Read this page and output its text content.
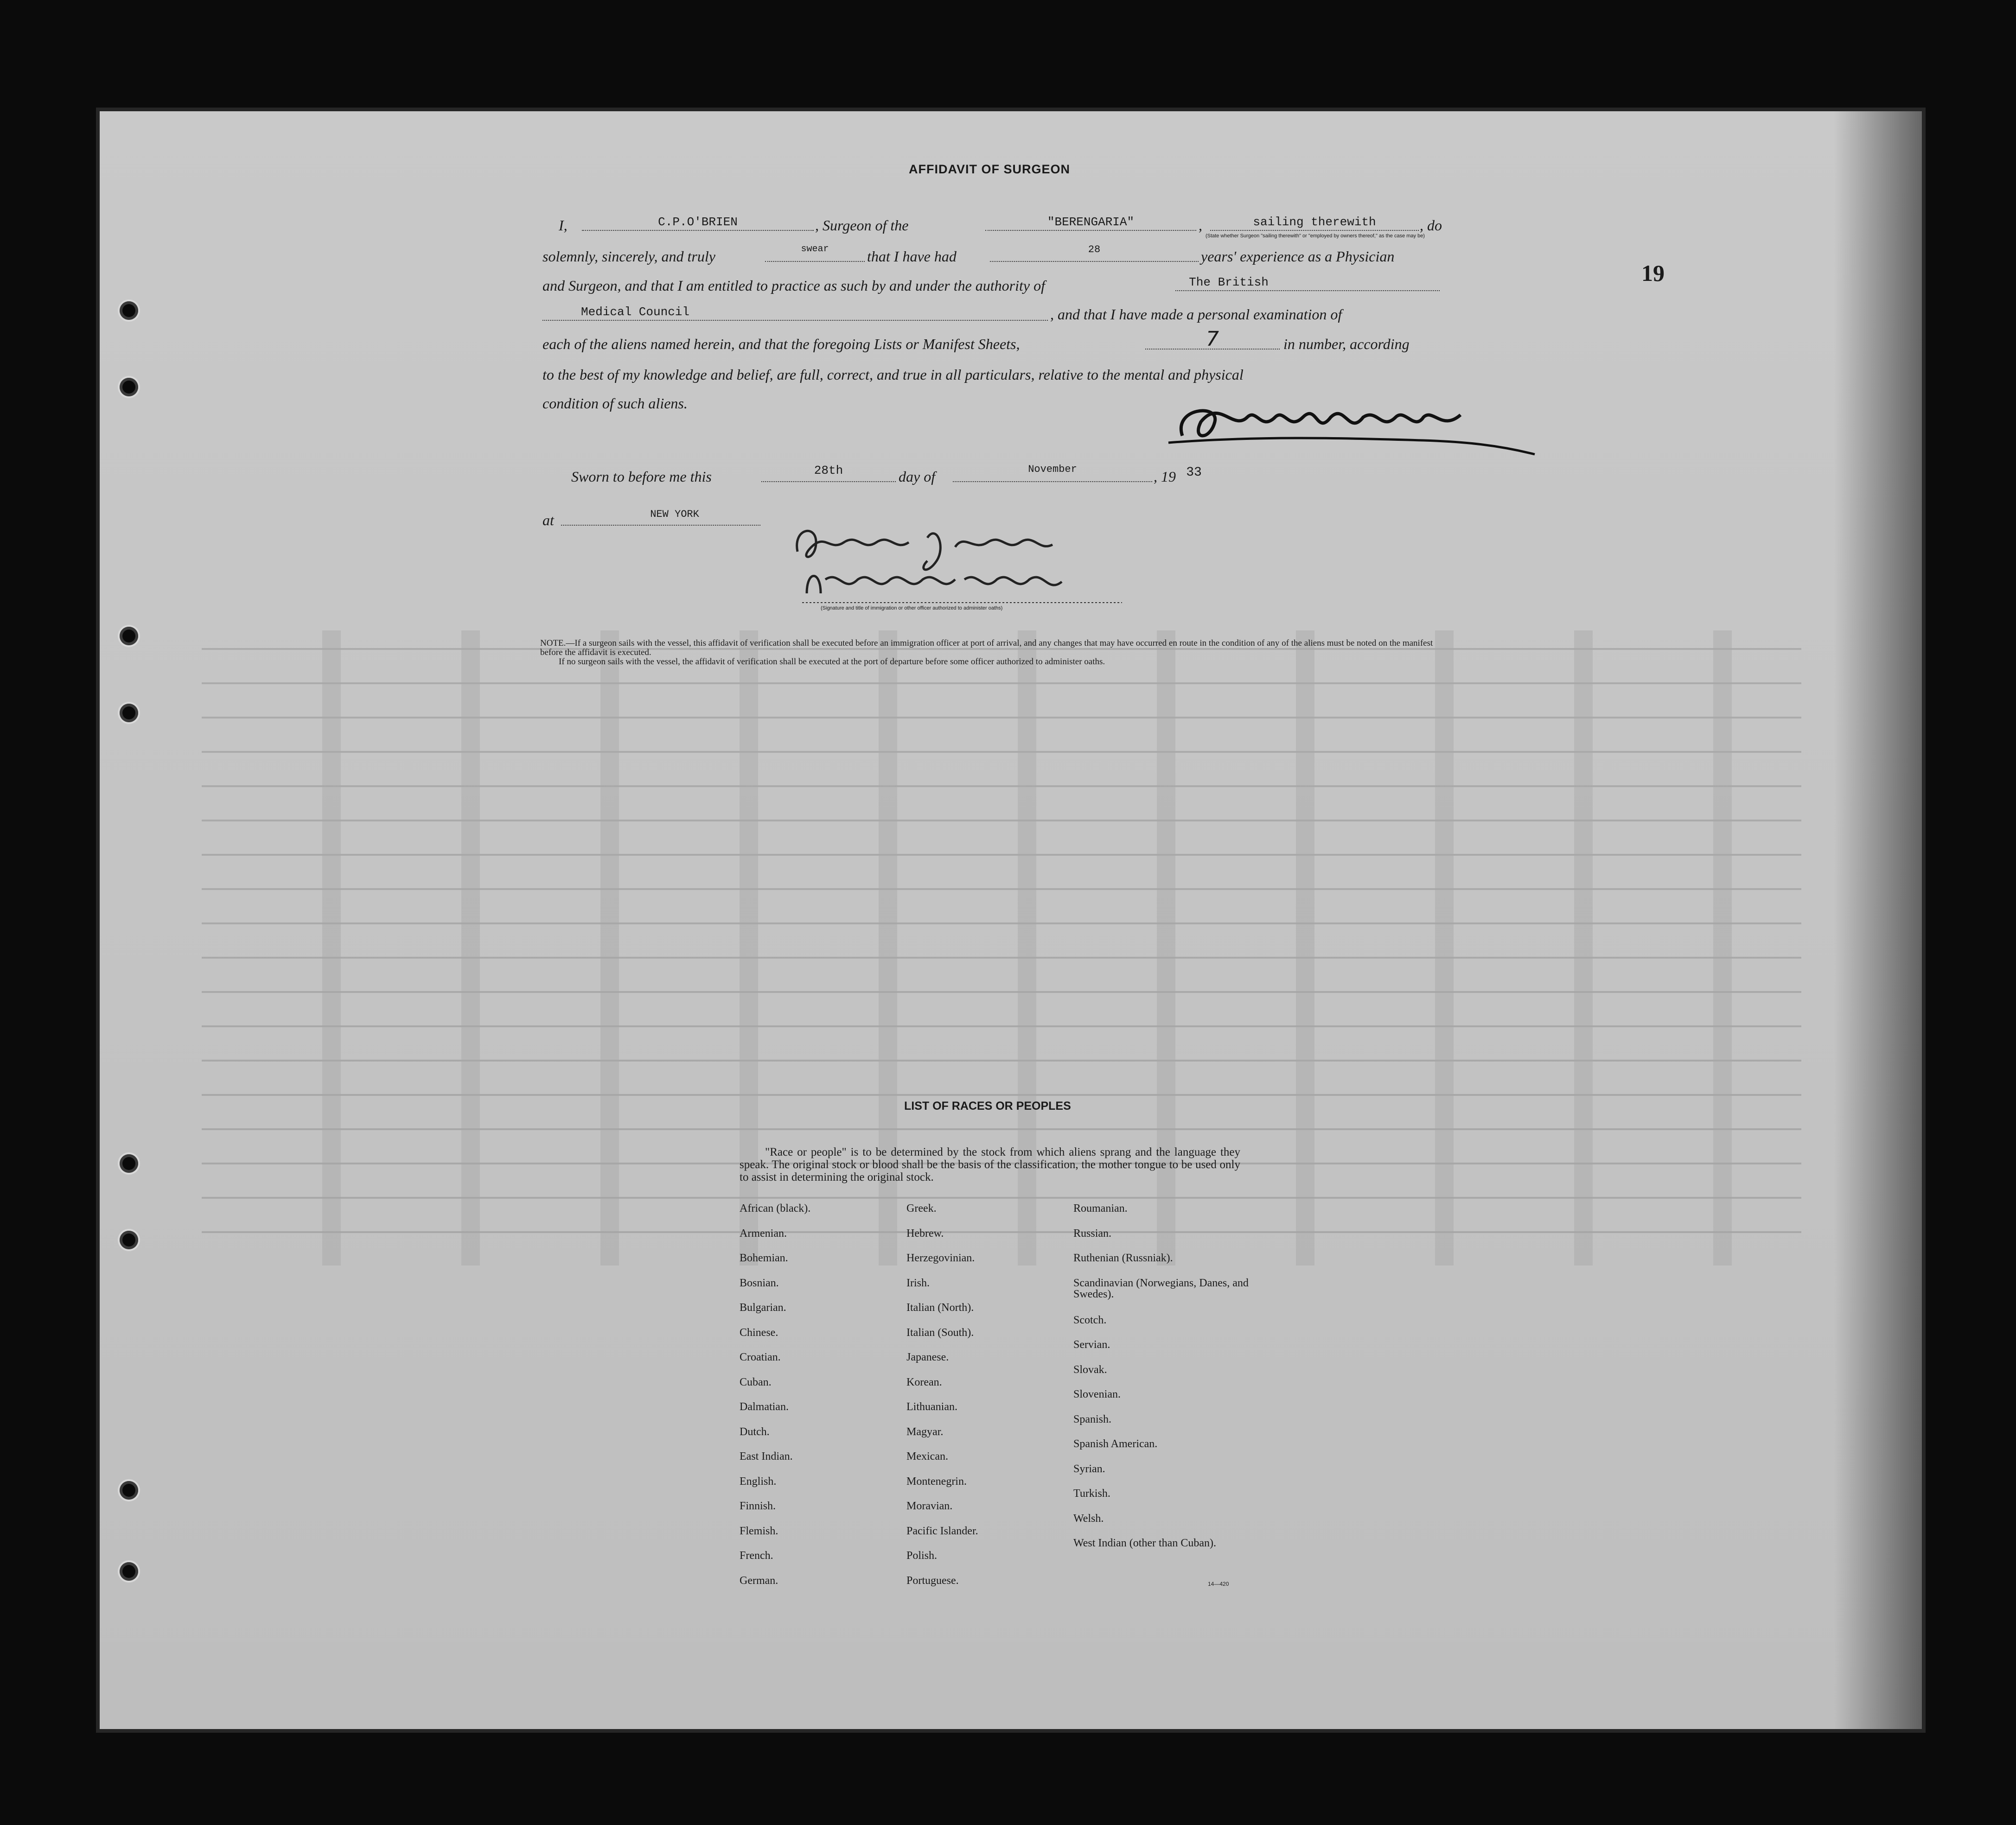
19
AFFIDAVIT OF SURGEON
I,	C.P.O'BRIEN	, Surgeon of the	"BERENGARIA"	,	sailing therewith	, do
(State whether Surgeon "sailing therewith" or "employed by owners thereof," as the case may be)
solemnly, sincerely, and truly	swear	that I have had	28	years' experience as a Physician
and Surgeon, and that I am entitled to practice as such by and under the authority of	The British
Medical Council	, and that I have made a personal examination of
each of the aliens named herein, and that the foregoing Lists or Manifest Sheets,	7	in number, according
to the best of my knowledge and belief, are full, correct, and true in all particulars, relative to the mental and physical
condition of such aliens.
Sworn to before me this	28th	day of	November	, 19 33
at	NEW YORK
(Signature and title of immigration or other officer authorized to administer oaths)
NOTE.—If a surgeon sails with the vessel, this affidavit of verification shall be executed before an immigration officer at port of arrival, and any changes that may have occurred en route in the condition of any of the aliens must be noted on the manifest before the affidavit is executed.
If no surgeon sails with the vessel, the affidavit of verification shall be executed at the port of departure before some officer authorized to administer oaths.
LIST OF RACES OR PEOPLES
"Race or people" is to be determined by the stock from which aliens sprang and the language they speak. The original stock or blood shall be the basis of the classification, the mother tongue to be used only to assist in determining the original stock.
African (black).
Armenian.
Bohemian.
Bosnian.
Bulgarian.
Chinese.
Croatian.
Cuban.
Dalmatian.
Dutch.
East Indian.
English.
Finnish.
Flemish.
French.
German.
Greek.
Hebrew.
Herzegovinian.
Irish.
Italian (North).
Italian (South).
Japanese.
Korean.
Lithuanian.
Magyar.
Mexican.
Montenegrin.
Moravian.
Pacific Islander.
Polish.
Portuguese.
Roumanian.
Russian.
Ruthenian (Russniak).
Scandinavian (Norwegians, Danes, and Swedes).
Scotch.
Servian.
Slovak.
Slovenian.
Spanish.
Spanish American.
Syrian.
Turkish.
Welsh.
West Indian (other than Cuban).
14—420
